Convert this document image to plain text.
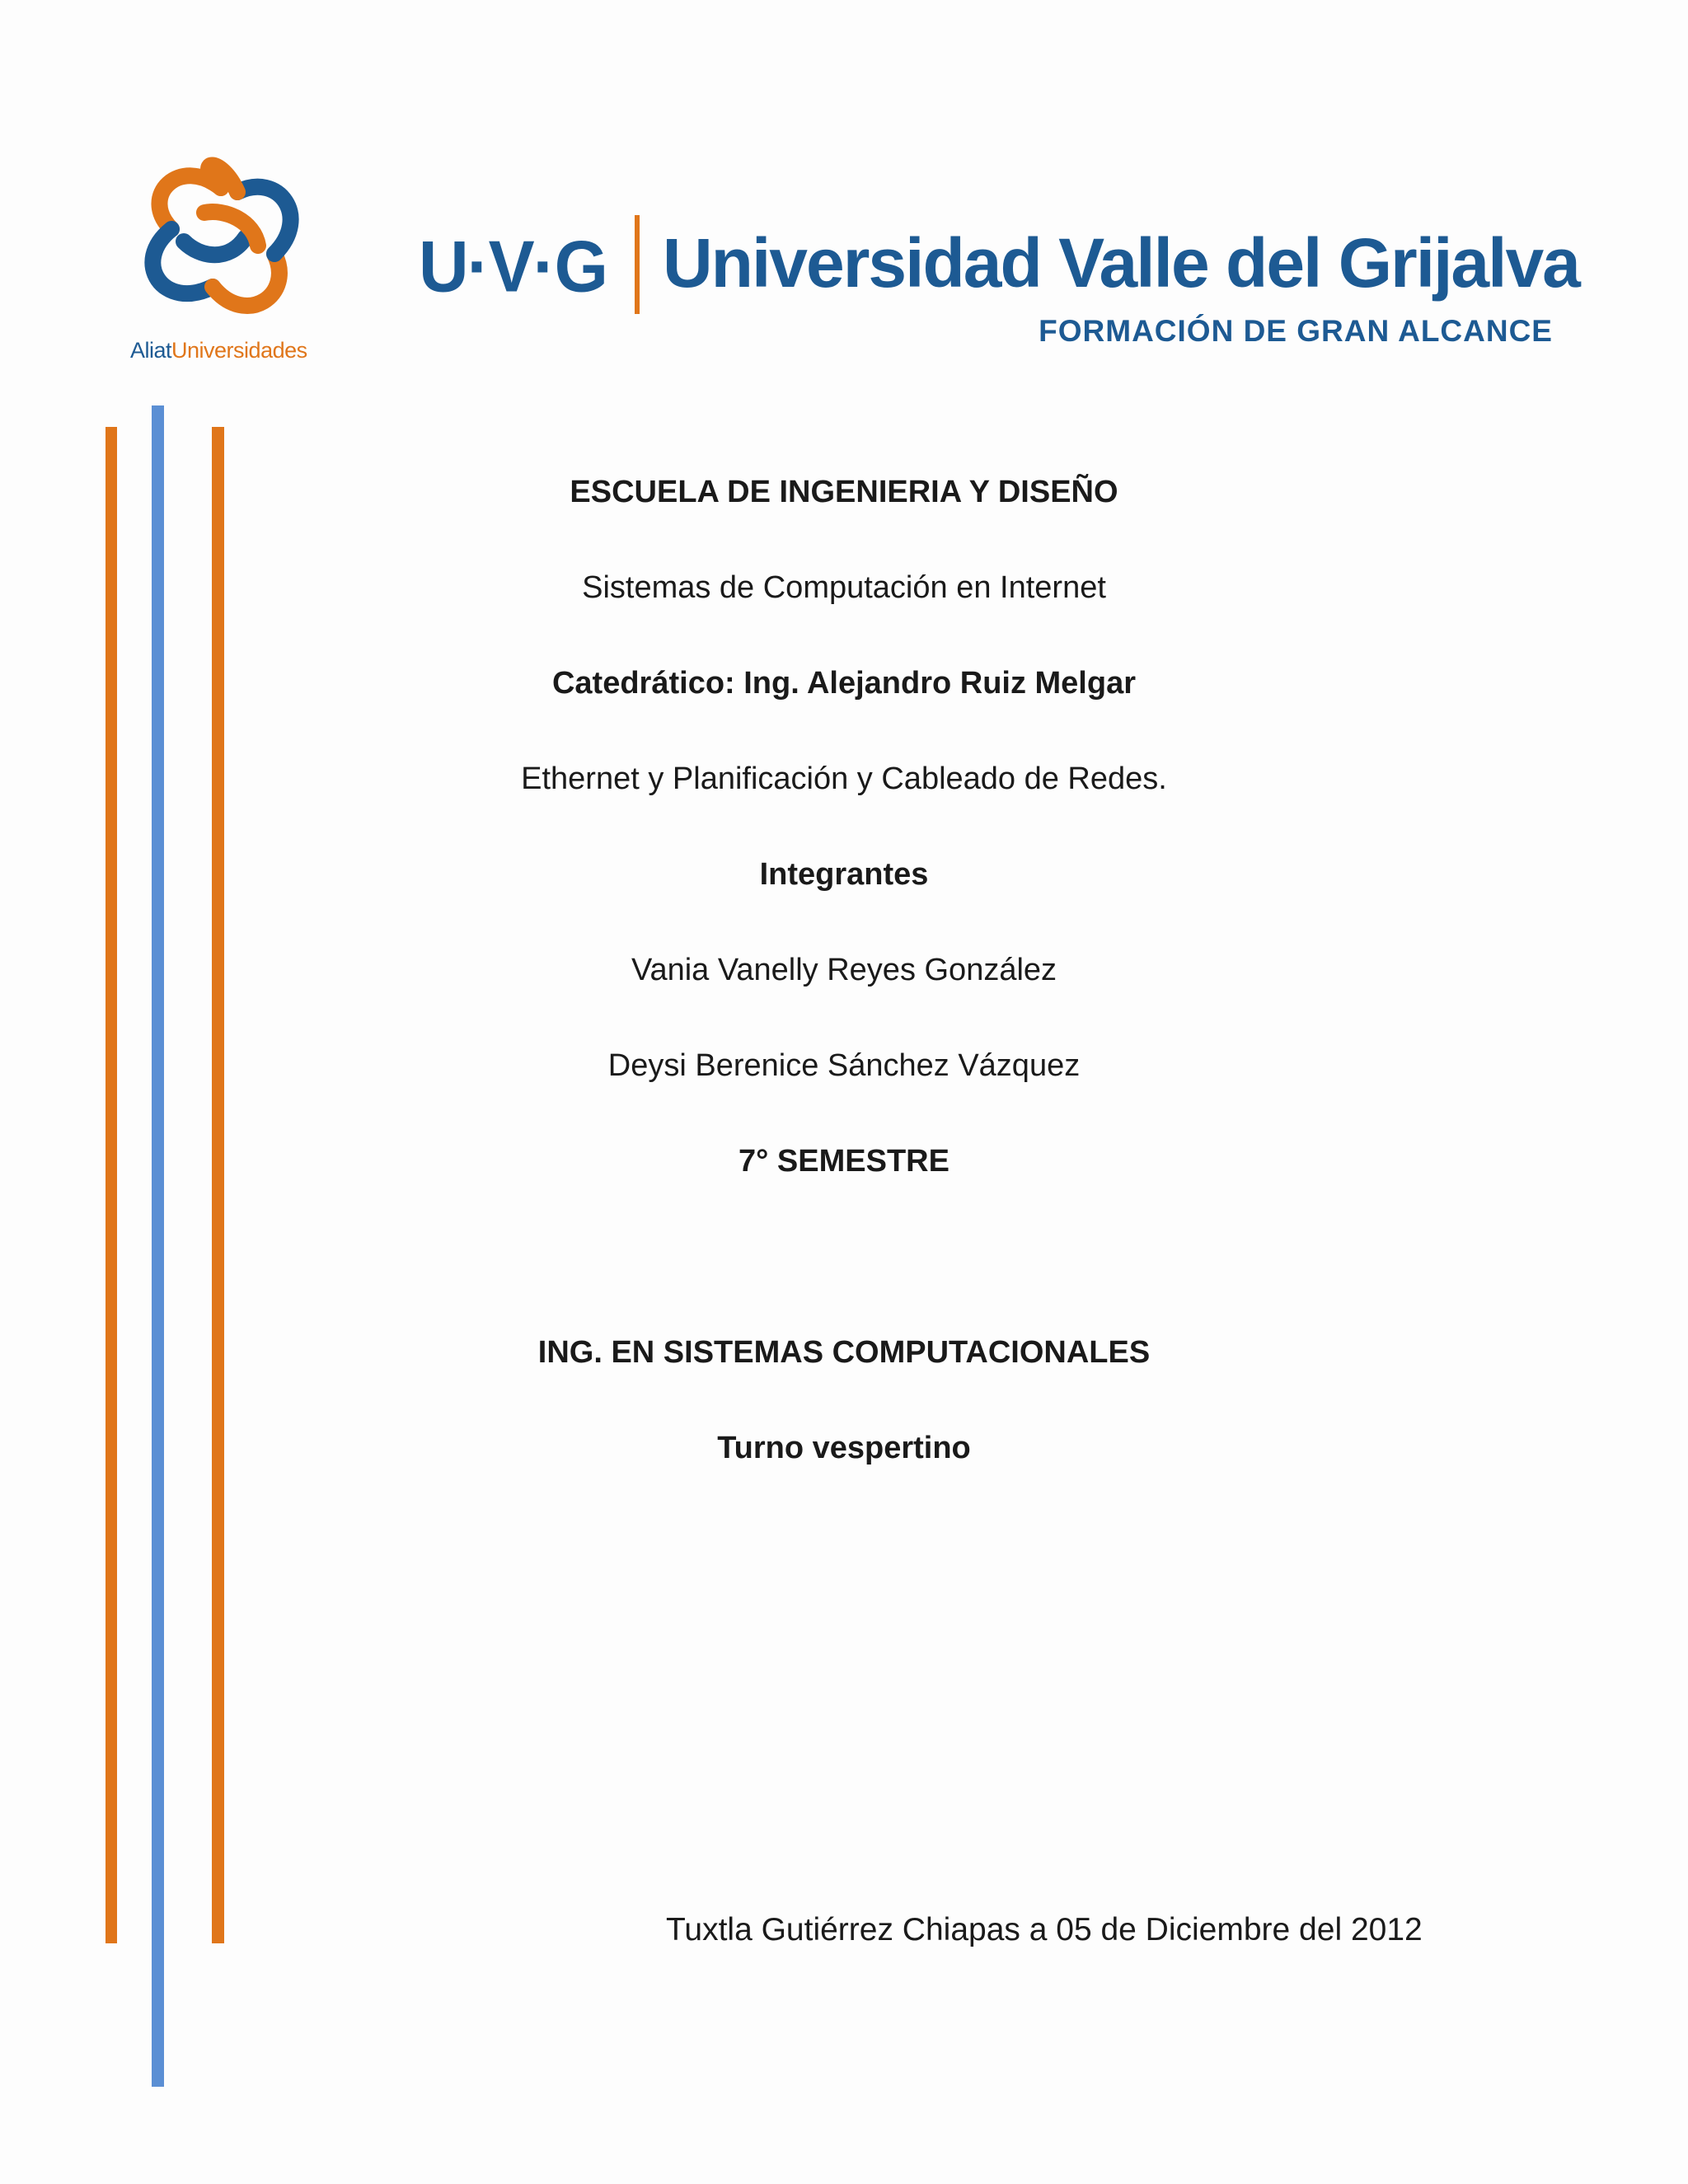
AliatUniversidades
U·V·G Universidad Valle del Grijalva
FORMACIÓN DE GRAN ALCANCE
ESCUELA DE INGENIERIA Y DISEÑO
Sistemas de Computación en Internet
Catedrático: Ing. Alejandro Ruiz Melgar
Ethernet y Planificación y Cableado de Redes.
Integrantes
Vania Vanelly Reyes González
Deysi Berenice Sánchez Vázquez
7° SEMESTRE
ING. EN SISTEMAS COMPUTACIONALES
Turno vespertino
Tuxtla Gutiérrez Chiapas a 05 de Diciembre del 2012
